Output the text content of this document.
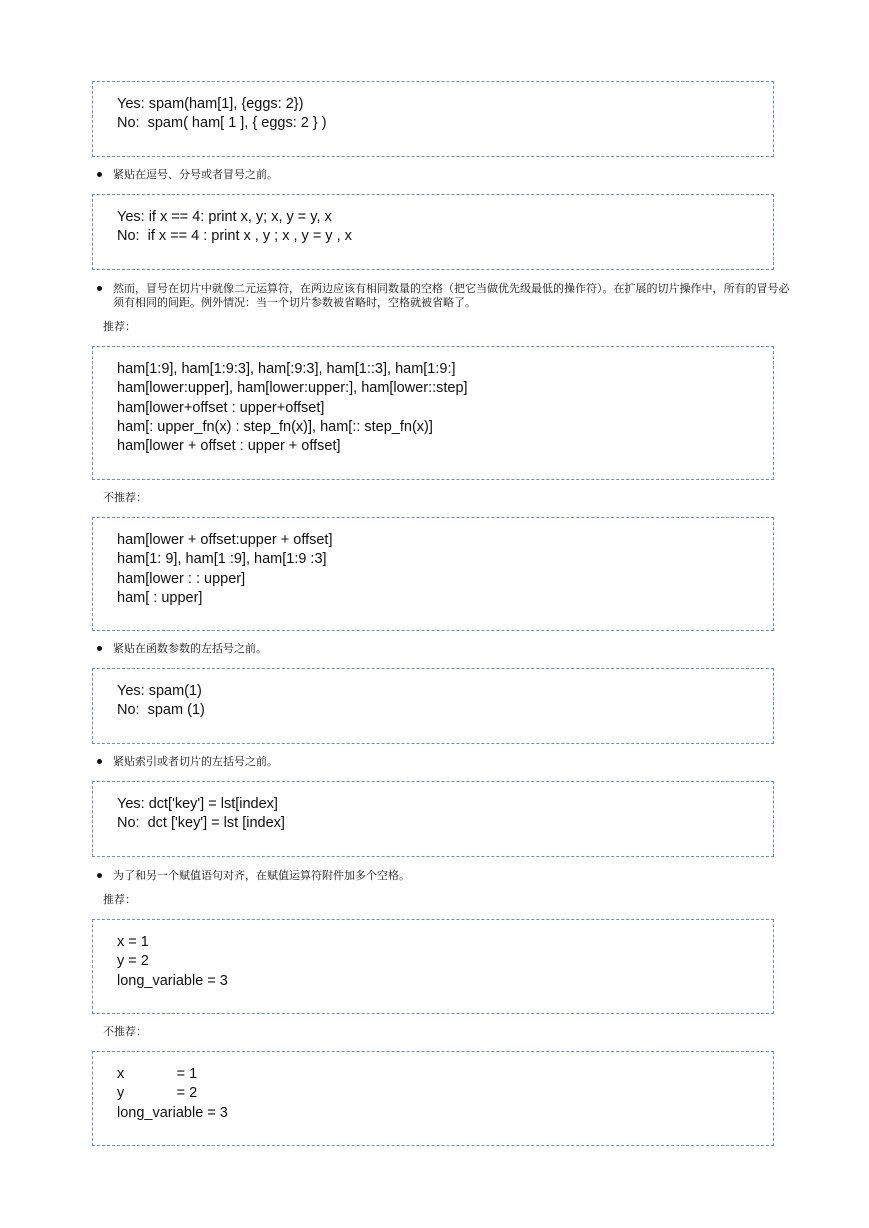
Yes: spam(ham[1], {eggs: 2})
No:  spam( ham[ 1 ], { eggs: 2 } )
紧贴在逗号、分号或者冒号之前。
Yes: if x == 4: print x, y; x, y = y, x
No:  if x == 4 : print x , y ; x , y = y , x
然而，冒号在切片中就像二元运算符，在两边应该有相同数量的空格（把它当做优先级最低的操作符）。在扩展的切片操作中，所有的冒号必须有相同的间距。例外情况：当一个切片参数被省略时，空格就被省略了。
推荐：
ham[1:9], ham[1:9:3], ham[:9:3], ham[1::3], ham[1:9:]
ham[lower:upper], ham[lower:upper:], ham[lower::step]
ham[lower+offset : upper+offset]
ham[: upper_fn(x) : step_fn(x)], ham[:: step_fn(x)]
ham[lower + offset : upper + offset]
不推荐：
ham[lower + offset:upper + offset]
ham[1: 9], ham[1 :9], ham[1:9 :3]
ham[lower : : upper]
ham[ : upper]
紧贴在函数参数的左括号之前。
Yes: spam(1)
No:  spam (1)
紧贴索引或者切片的左括号之前。
Yes: dct['key'] = lst[index]
No:  dct ['key'] = lst [index]
为了和另一个赋值语句对齐，在赋值运算符附件加多个空格。
推荐：
x = 1
y = 2
long_variable = 3
不推荐：
x             = 1
y             = 2
long_variable = 3
